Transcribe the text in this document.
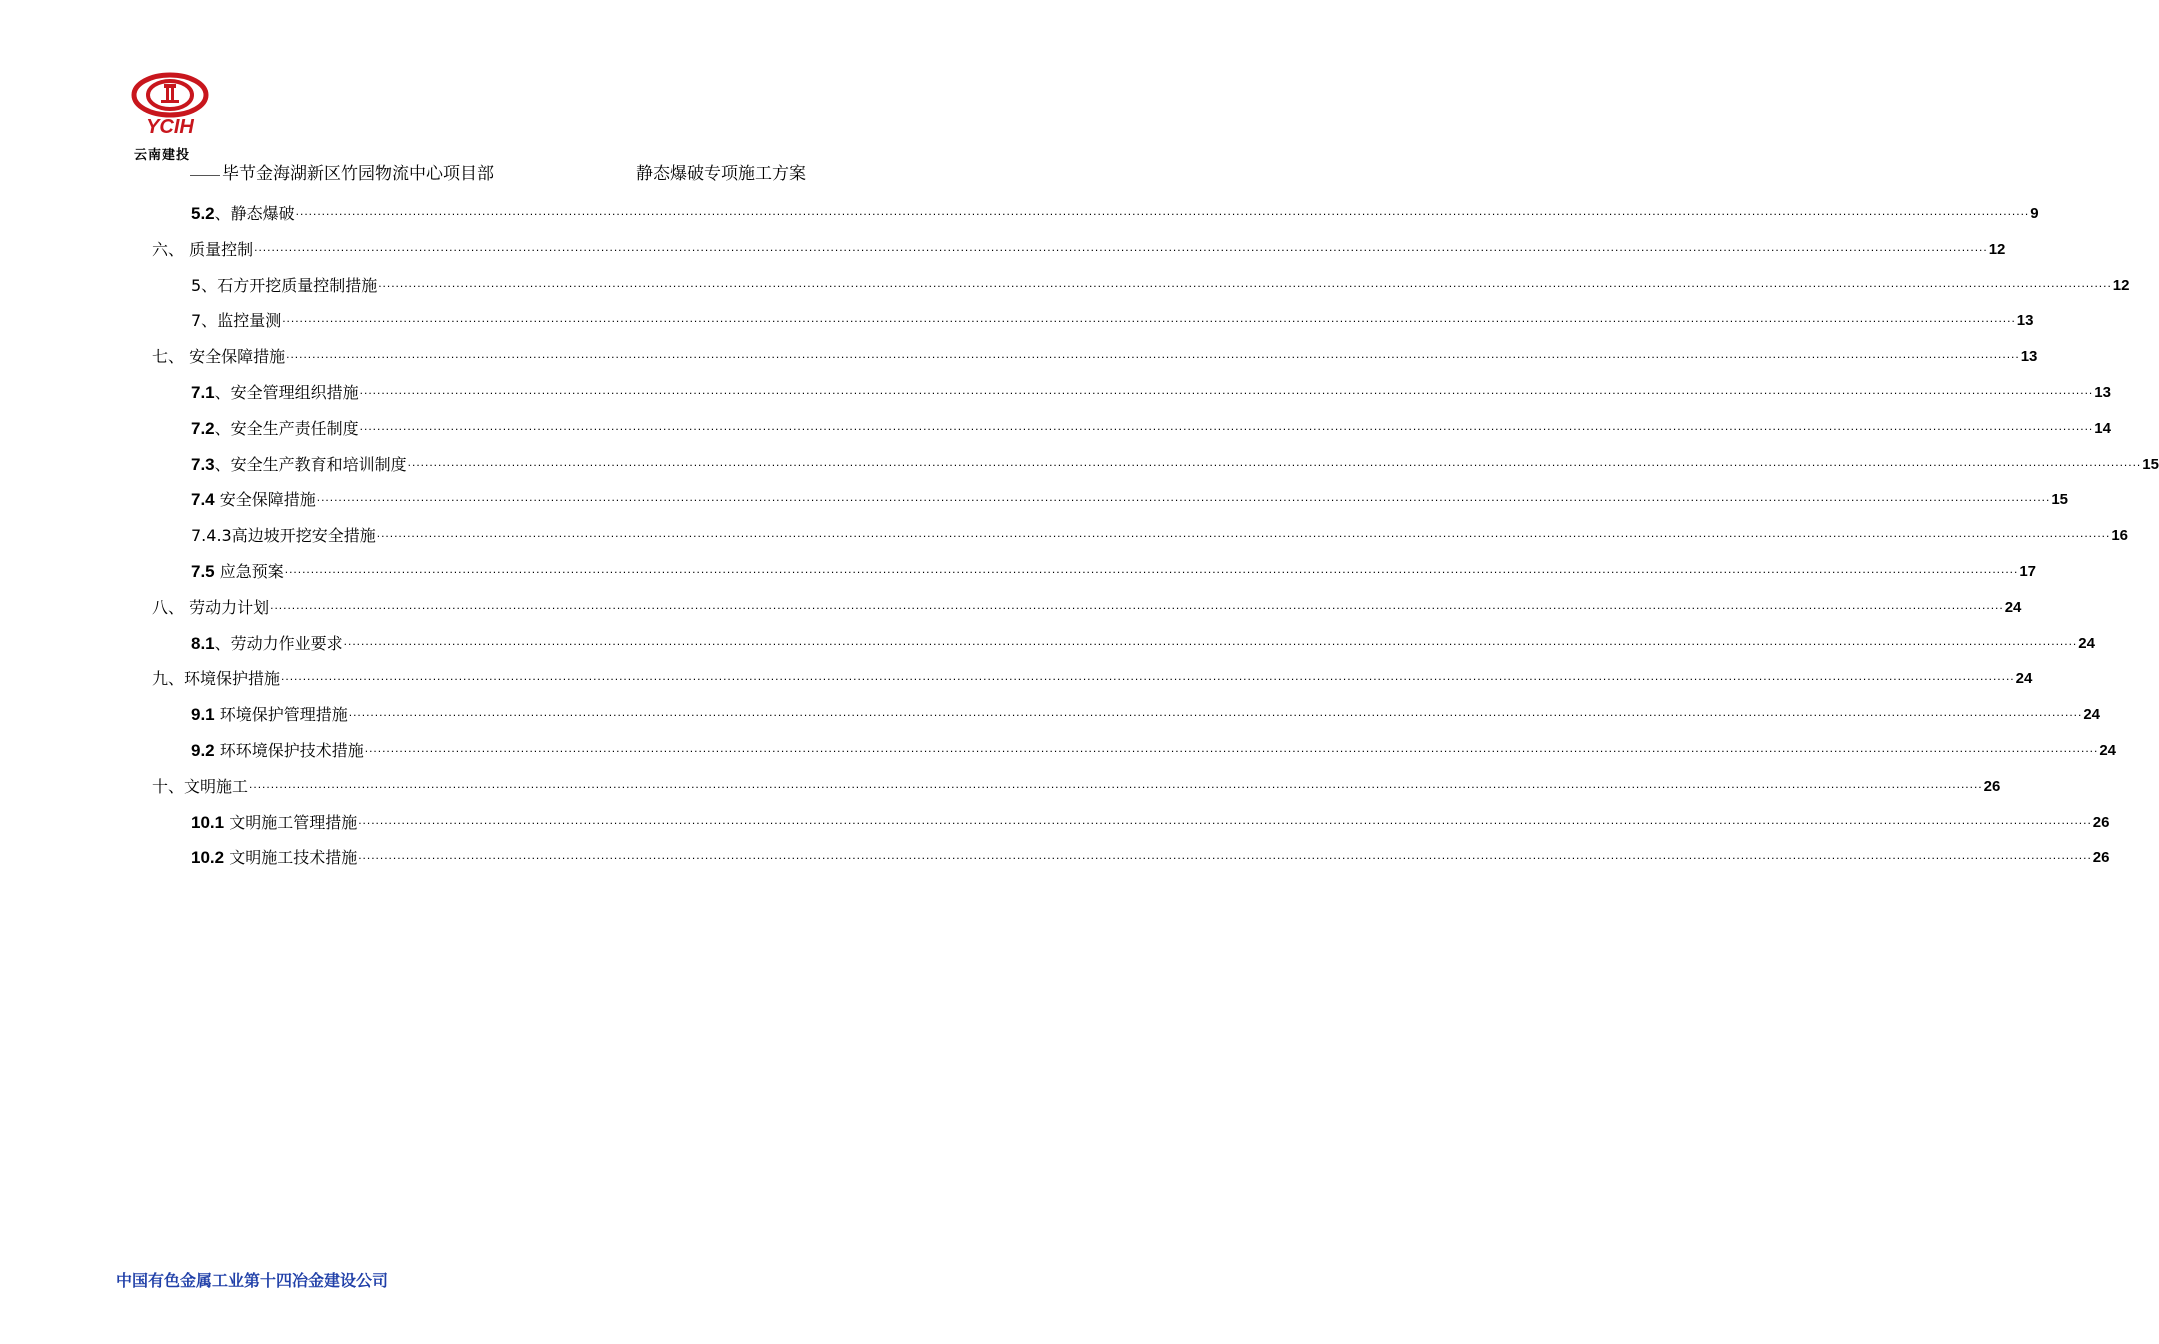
YCIH
云南建投
毕节金海湖新区竹园物流中心项目部	静态爆破专项施工方案
5.2、静态爆破 ................................................................................................................................................................................................................................................................................................................................................................................................................ 9
六、 质量控制 ................................................................................................................................................................................................................................................................................................................................................................................................................ 12
5、石方开挖质量控制措施 ................................................................................................................................................................................................................................................................................................................................................................................................................ 12
7、监控量测 ................................................................................................................................................................................................................................................................................................................................................................................................................ 13
七、 安全保障措施 ................................................................................................................................................................................................................................................................................................................................................................................................................ 13
7.1、安全管理组织措施 ................................................................................................................................................................................................................................................................................................................................................................................................................ 13
7.2、安全生产责任制度 ................................................................................................................................................................................................................................................................................................................................................................................................................ 14
7.3、安全生产教育和培训制度 ................................................................................................................................................................................................................................................................................................................................................................................................................ 15
7.4 安全保障措施 ................................................................................................................................................................................................................................................................................................................................................................................................................ 15
7.4.3高边坡开挖安全措施 ................................................................................................................................................................................................................................................................................................................................................................................................................ 16
7.5 应急预案 ................................................................................................................................................................................................................................................................................................................................................................................................................ 17
八、 劳动力计划 ................................................................................................................................................................................................................................................................................................................................................................................................................ 24
8.1、劳动力作业要求 ................................................................................................................................................................................................................................................................................................................................................................................................................ 24
九、环境保护措施 ................................................................................................................................................................................................................................................................................................................................................................................................................ 24
9.1 环境保护管理措施 ................................................................................................................................................................................................................................................................................................................................................................................................................ 24
9.2 环环境保护技术措施 ................................................................................................................................................................................................................................................................................................................................................................................................................ 24
十、文明施工 ................................................................................................................................................................................................................................................................................................................................................................................................................ 26
10.1 文明施工管理措施 ................................................................................................................................................................................................................................................................................................................................................................................................................ 26
10.2 文明施工技术措施 ................................................................................................................................................................................................................................................................................................................................................................................................................ 26
中国有色金属工业第十四冶金建设公司
